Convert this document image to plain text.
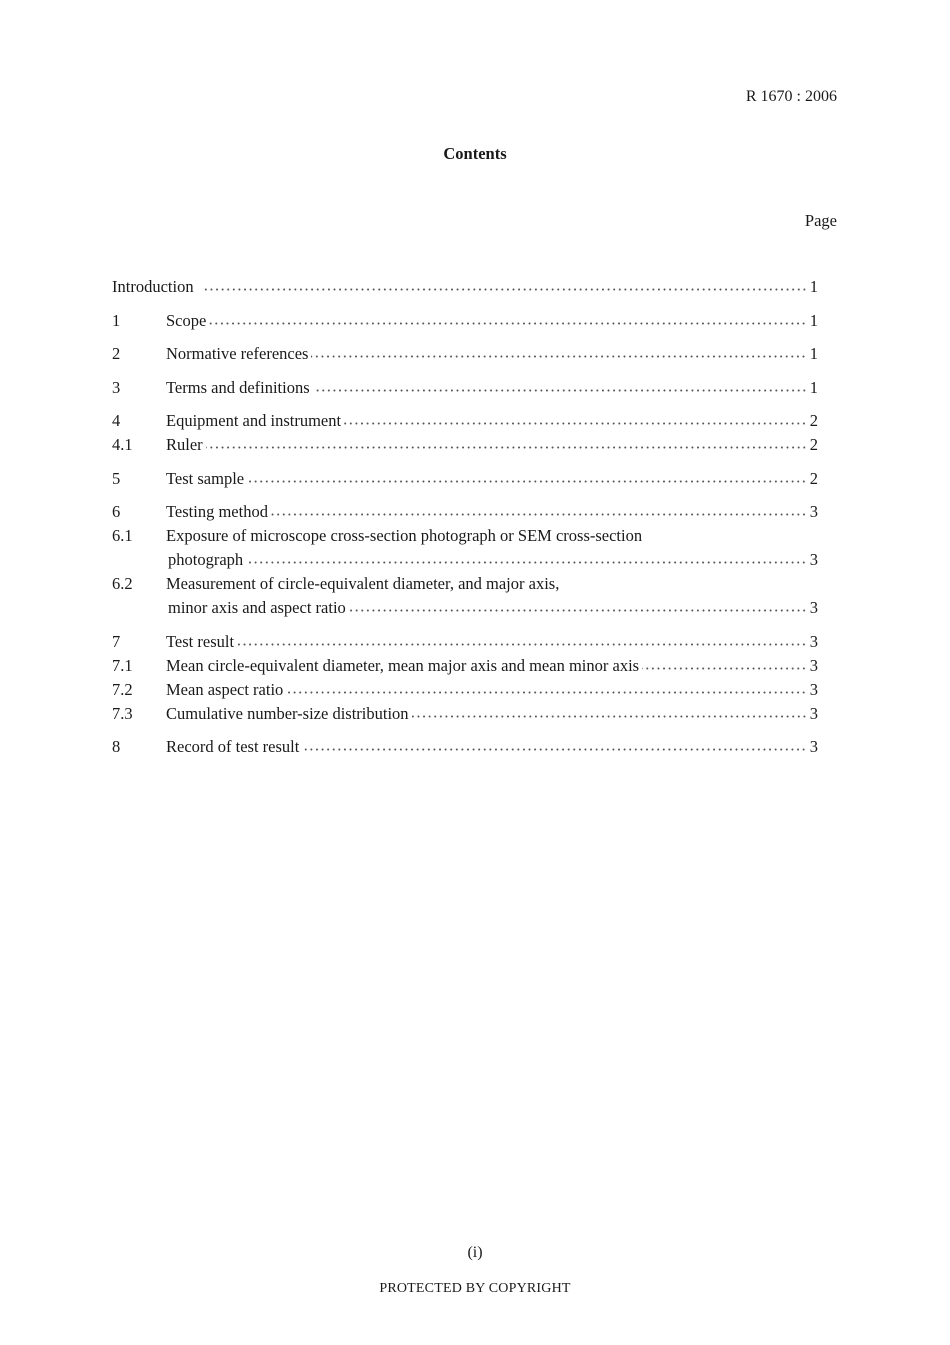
R 1670 : 2006
Contents
Page
Introduction	1
1	Scope	1
2	Normative references	1
3	Terms and definitions	1
4	Equipment and instrument	2
4.1 Ruler	2
5	Test sample	2
6	Testing method	3
6.1 Exposure of microscope cross-section photograph or SEM cross-section
photograph	3
6.2 Measurement of circle-equivalent diameter, and major axis,
minor axis and aspect ratio	3
7	Test result	3
7.1 Mean circle-equivalent diameter, mean major axis and mean minor axis	3
7.2 Mean aspect ratio	3
7.3 Cumulative number-size distribution	3
8	Record of test result	3
(i)
PROTECTED BY COPYRIGHT
